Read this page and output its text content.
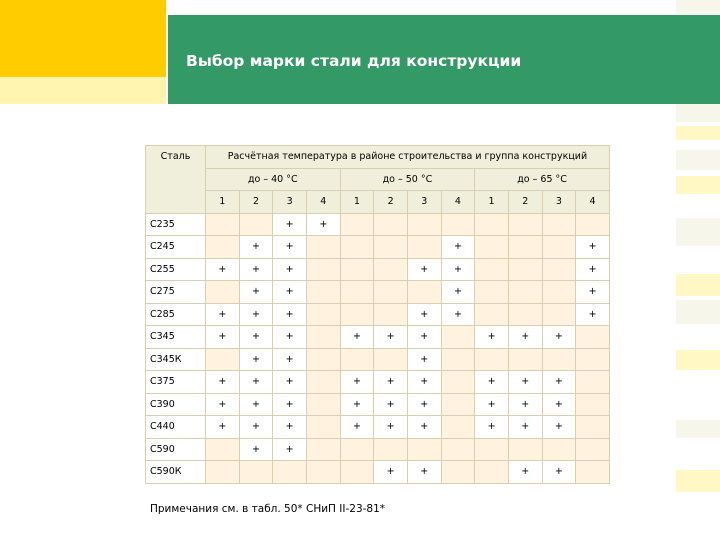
Выбор марки стали для конструкции
Сталь	Расчётная температура в районе строительства и группа конструкций											
	до – 40 °С				до – 50 °С				до – 65 °С			
	1	2	3	4	1	2	3	4	1	2	3	4
С235			+	+								
С245		+	+					+				+
С255	+	+	+				+	+				+
С275		+	+					+				+
С285	+	+	+				+	+				+
С345	+	+	+		+	+	+		+	+	+	
С345К		+	+				+					
С375	+	+	+		+	+	+		+	+	+	
С390	+	+	+		+	+	+		+	+	+	
С440	+	+	+		+	+	+		+	+	+	
С590		+	+									
С590К						+	+			+	+	
Примечания см. в табл. 50* СНиП II-23-81*
